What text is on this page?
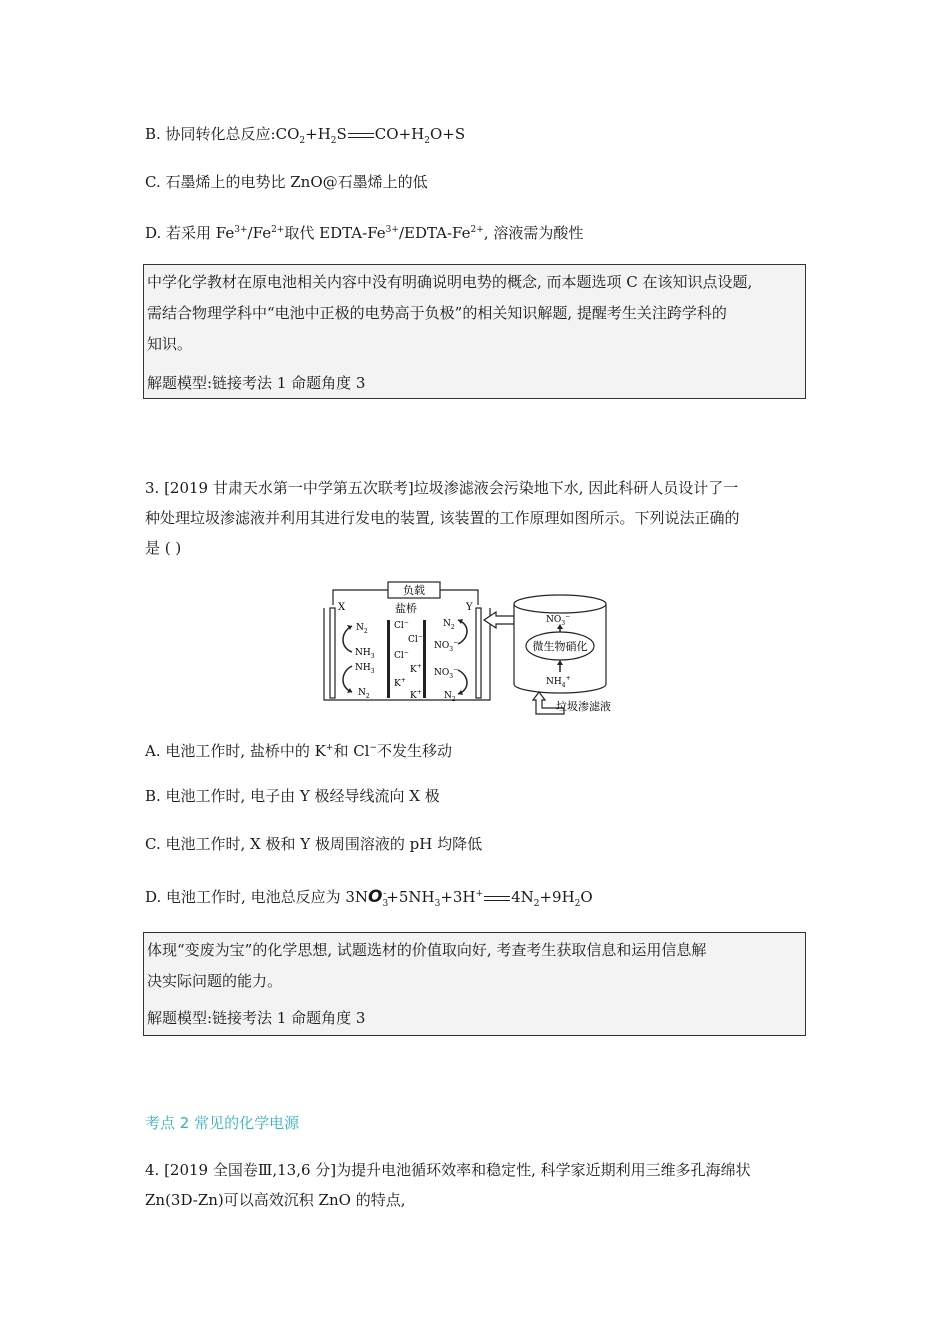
B. 协同转化总反应$:CO_2+H_2S$ $CO+H_2O+S$
C. 石墨烯上的电势比 ZnO@石墨烯上的低
D. 若采用 $Fe^{3+}/Fe^{2+}$取代 EDTA-$Fe^{3+}/EDTA-Fe^{2+}$, 溶液需为酸性
中学化学教材在原电池相关内容中没有明确说明电势的概念, 而本题选项 C 在该知识点设题,
需结合物理学科中“电池中正极的电势高于负极”的相关知识解题, 提醒考生关注跨学科的
知识。
解题模型:链接考法 1 命题角度 3
3. [2019 甘肃天水第一中学第五次联考]垃圾渗滤液会污染地下水, 因此科研人员设计了一
种处理垃圾渗滤液并利用其进行发电的装置, 该装置的工作原理如图所示。下列说法正确的
是 ( )
负载
盐桥
X	Y
$N_2$
$NH_3$
$NH_3$
$N_2$
Cl−
Cl−
Cl−
K+
K+
K+
$N_2$
$NO_3^-$
$NO_3^-$
$N_2$
微生物硝化
$NO_3^-$
$NH_4^+$
垃圾渗滤液
A. 电池工作时, 盐桥中的 K+和 Cl−不发生移动
B. 电池工作时, 电子由 Y 极经导线流向 X 极
C. 电池工作时, X 极和 Y 极周围溶液的 pH 均降低
D. 电池工作时, 电池总反应为 $3NO_3^-+5NH_3+3H^+$ $4N_2+9H_2O$
体现“变废为宝”的化学思想, 试题选材的价值取向好, 考查考生获取信息和运用信息解
决实际问题的能力。
解题模型:链接考法 1 命题角度 3
考点 2 常见的化学电源
4. [2019 全国卷Ⅲ,13,6 分]为提升电池循环效率和稳定性, 科学家近期利用三维多孔海绵状
Zn(3D-Zn)可以高效沉积 ZnO 的特点,
